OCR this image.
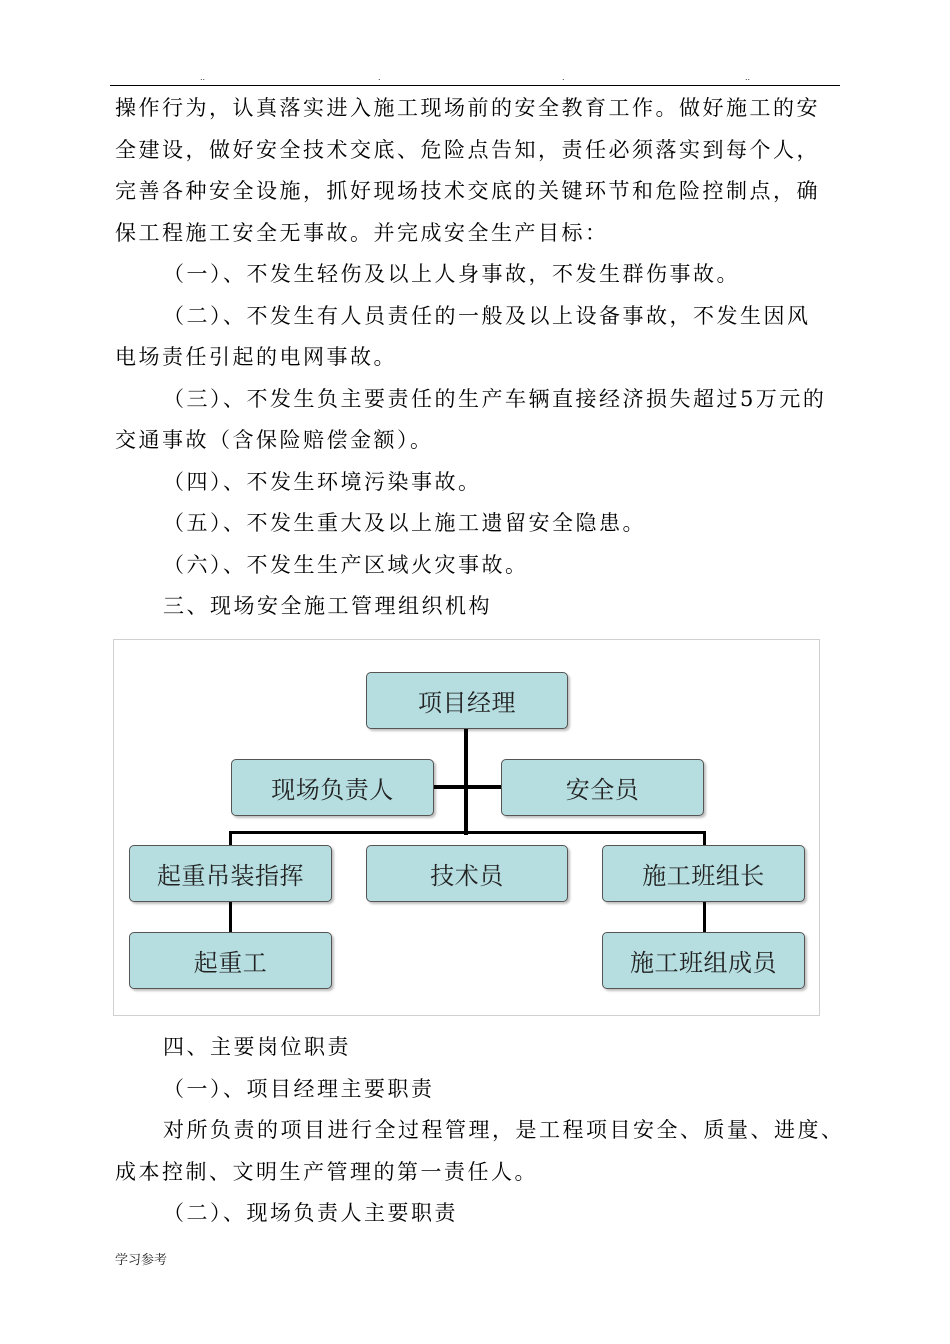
..	.	.	..
操作行为，认真落实进入施工现场前的安全教育工作。做好施工的安
全建设，做好安全技术交底、危险点告知，责任必须落实到每个人，
完善各种安全设施，抓好现场技术交底的关键环节和危险控制点，确
保工程施工安全无事故。并完成安全生产目标：
（一）、不发生轻伤及以上人身事故，不发生群伤事故。
（二）、不发生有人员责任的一般及以上设备事故，不发生因风
电场责任引起的电网事故。
（三）、不发生负主要责任的生产车辆直接经济损失超过5万元的
交通事故（含保险赔偿金额）。
（四）、不发生环境污染事故。
（五）、不发生重大及以上施工遗留安全隐患。
（六）、不发生生产区域火灾事故。
三、现场安全施工管理组织机构
项目经理
现场负责人	安全员
起重吊装指挥	技术员	施工班组长
起重工	施工班组成员
四、主要岗位职责
（一）、项目经理主要职责
对所负责的项目进行全过程管理，是工程项目安全、质量、进度、
成本控制、文明生产管理的第一责任人。
（二）、现场负责人主要职责
学习参考
